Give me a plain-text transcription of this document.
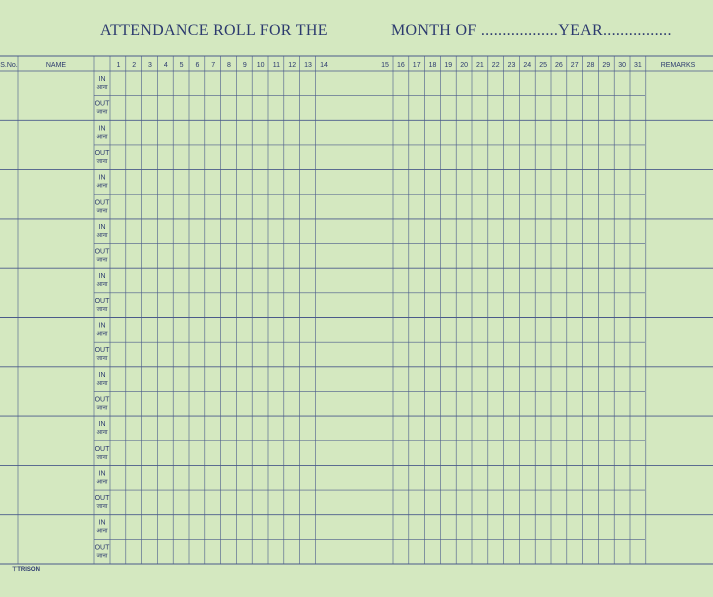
ATTENDANCE ROLL FOR THE	MONTH OF ..................YEAR................
S.No.	NAME	1 2 3 4 5 6 7 8 9 10 11 12 13 14	15 16 17 18 19 20 21 22 23 24 25 26 27 28 29 30 31	REMARKS
IN
आना
OUT
जाना
IN
आना
OUT
जाना
IN
आना
OUT
जाना
IN
आना
OUT
जाना
IN
आना
OUT
जाना
IN
आना
OUT
जाना
IN
आना
OUT
जाना
IN
आना
OUT
जाना
IN
आना
OUT
जाना
IN
आना
OUT
जाना
⊤TRISON
